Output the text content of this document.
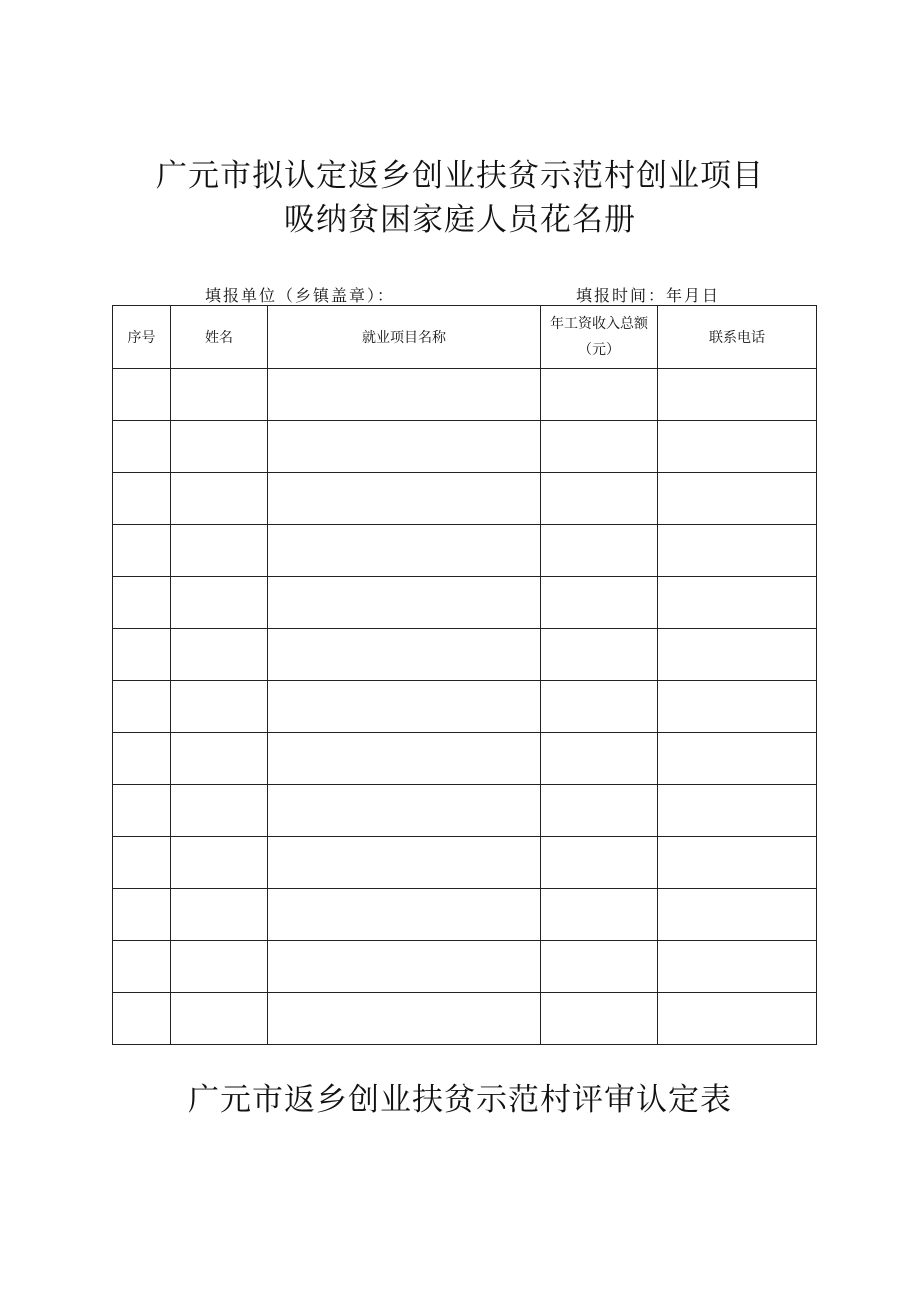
广元市拟认定返乡创业扶贫示范村创业项目
吸纳贫困家庭人员花名册
填报单位（乡镇盖章）：	填报时间：年月日
序号	姓名	就业项目名称	年工资收入总额（元）	联系电话

广元市返乡创业扶贫示范村评审认定表
